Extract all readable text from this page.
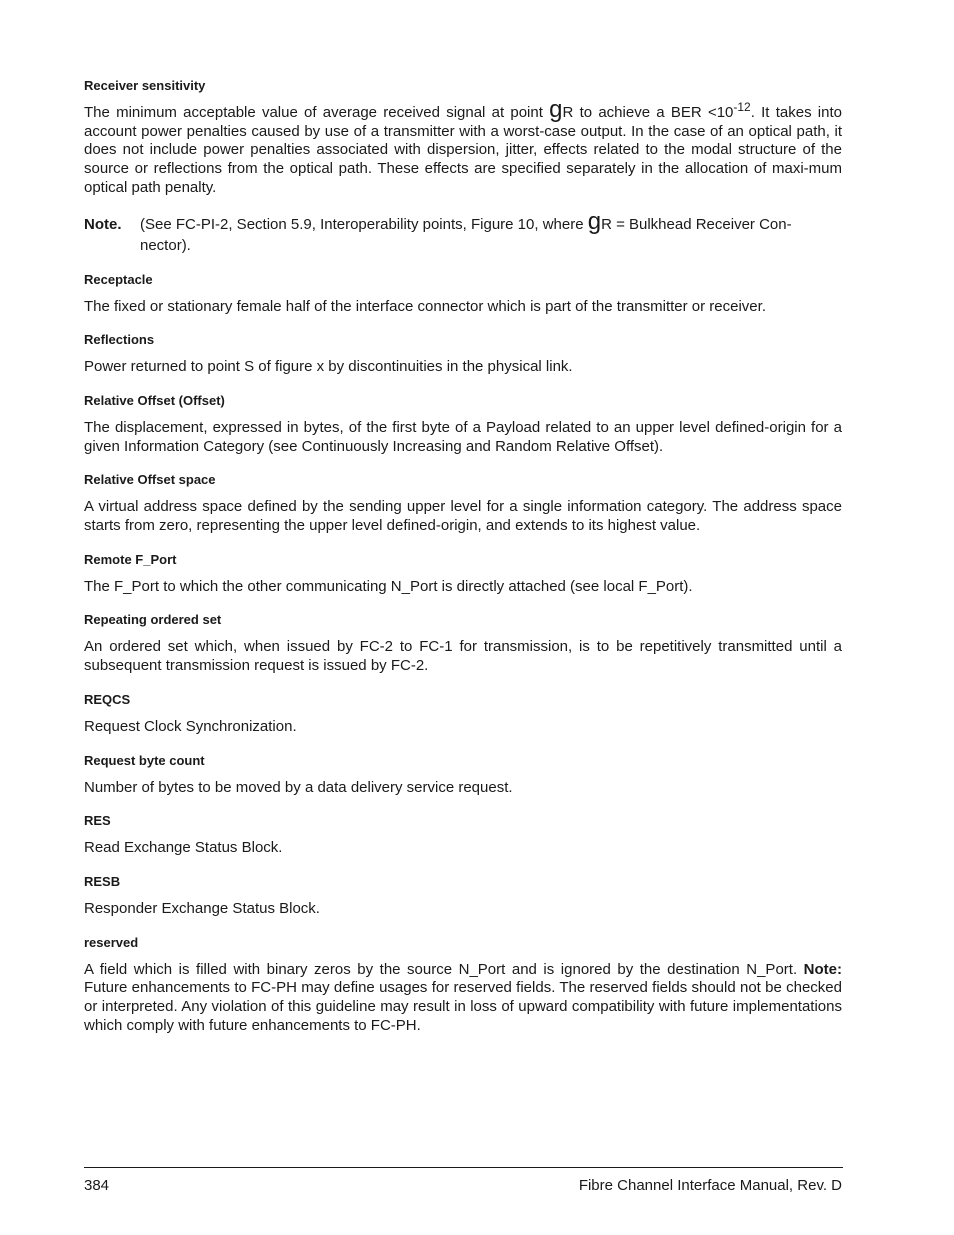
Receiver sensitivity

The minimum acceptable value of average received signal at point gR to achieve a BER $<10^{-12}$. It takes into account power penalties caused by use of a transmitter with a worst-case output. In the case of an optical path, it does not include power penalties associated with dispersion, jitter, effects related to the modal structure of the source or reflections from the optical path. These effects are specified separately in the allocation of maxi-mum optical path penalty.

Note.	(See FC-PI-2, Section 5.9, Interoperability points, Figure 10, where gR = Bulkhead Receiver Con-nector).

Receptacle

The fixed or stationary female half of the interface connector which is part of the transmitter or receiver.

Reflections

Power returned to point S of figure x by discontinuities in the physical link.

Relative Offset (Offset)

The displacement, expressed in bytes, of the first byte of a Payload related to an upper level defined-origin for a given Information Category (see Continuously Increasing and Random Relative Offset).

Relative Offset space

A virtual address space defined by the sending upper level for a single information category. The address space starts from zero, representing the upper level defined-origin, and extends to its highest value.

Remote F_Port

The F_Port to which the other communicating N_Port is directly attached (see local F_Port).

Repeating ordered set

An ordered set which, when issued by FC-2 to FC-1 for transmission, is to be repetitively transmitted until a subsequent transmission request is issued by FC-2.

REQCS

Request Clock Synchronization.

Request byte count

Number of bytes to be moved by a data delivery service request.

RES

Read Exchange Status Block.

RESB

Responder Exchange Status Block.

reserved

A field which is filled with binary zeros by the source N_Port and is ignored by the destination N_Port. Note: Future enhancements to FC-PH may define usages for reserved fields. The reserved fields should not be checked or interpreted. Any violation of this guideline may result in loss of upward compatibility with future implementations which comply with future enhancements to FC-PH.

384	Fibre Channel Interface Manual, Rev. D
